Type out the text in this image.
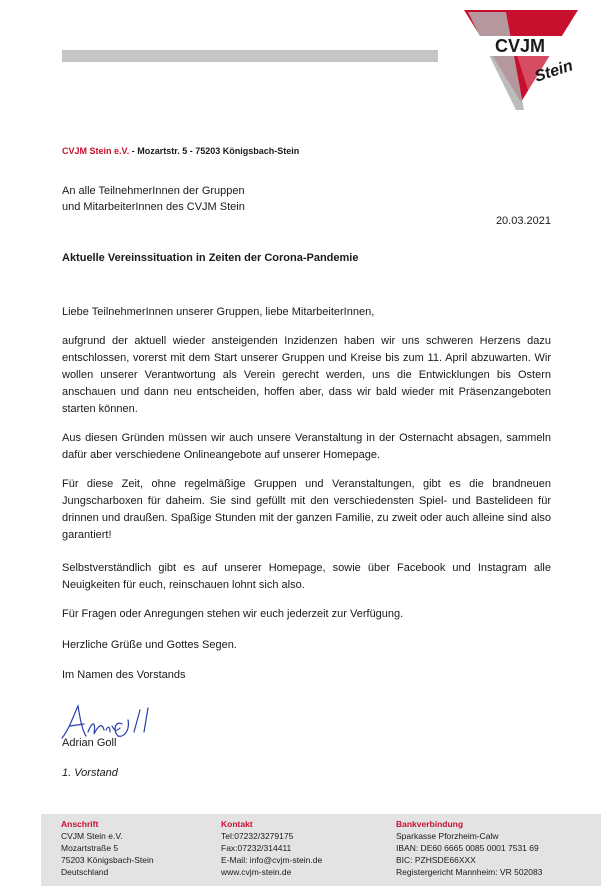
CVJM
Stein
CVJM Stein e.V. - Mozartstr. 5 - 75203 Königsbach-Stein
An alle TeilnehmerInnen der Gruppen
und MitarbeiterInnen des CVJM Stein
20.03.2021
Aktuelle Vereinssituation in Zeiten der Corona-Pandemie

Liebe TeilnehmerInnen unserer Gruppen, liebe MitarbeiterInnen,

aufgrund der aktuell wieder ansteigenden Inzidenzen haben wir uns schweren Herzens dazu entschlossen, vorerst mit dem Start unserer Gruppen und Kreise bis zum 11. April abzuwarten. Wir wollen unserer Verantwortung als Verein gerecht werden, uns die Entwicklungen bis Ostern anschauen und dann neu entscheiden, hoffen aber, dass wir bald wieder mit Präsenzangeboten starten können.

Aus diesen Gründen müssen wir auch unsere Veranstaltung in der Osternacht absagen, sammeln dafür aber verschiedene Onlineangebote auf unserer Homepage.

Für diese Zeit, ohne regelmäßige Gruppen und Veranstaltungen, gibt es die brandneuen Jungscharboxen für daheim. Sie sind gefüllt mit den verschiedensten Spiel- und Bastelideen für drinnen und draußen. Spaßige Stunden mit der ganzen Familie, zu zweit oder auch alleine sind also garantiert!

Selbstverständlich gibt es auf unserer Homepage, sowie über Facebook und Instagram alle Neuigkeiten für euch, reinschauen lohnt sich also.

Für Fragen oder Anregungen stehen wir euch jederzeit zur Verfügung.

Herzliche Grüße und Gottes Segen.

Im Namen des Vorstands

Adrian Goll
1. Vorstand
Anschrift
CVJM Stein e.V.
Mozartstraße 5
75203 Königsbach-Stein
Deutschland
Kontakt
Tel:07232/3279175
Fax:07232/314411
E-Mail: info@cvjm-stein.de
www.cvjm-stein.de
Bankverbindung
Sparkasse Pforzheim-Calw
IBAN: DE60 6665 0085 0001 7531 69
BIC: PZHSDE66XXX
Registergericht Mannheim: VR 502083
